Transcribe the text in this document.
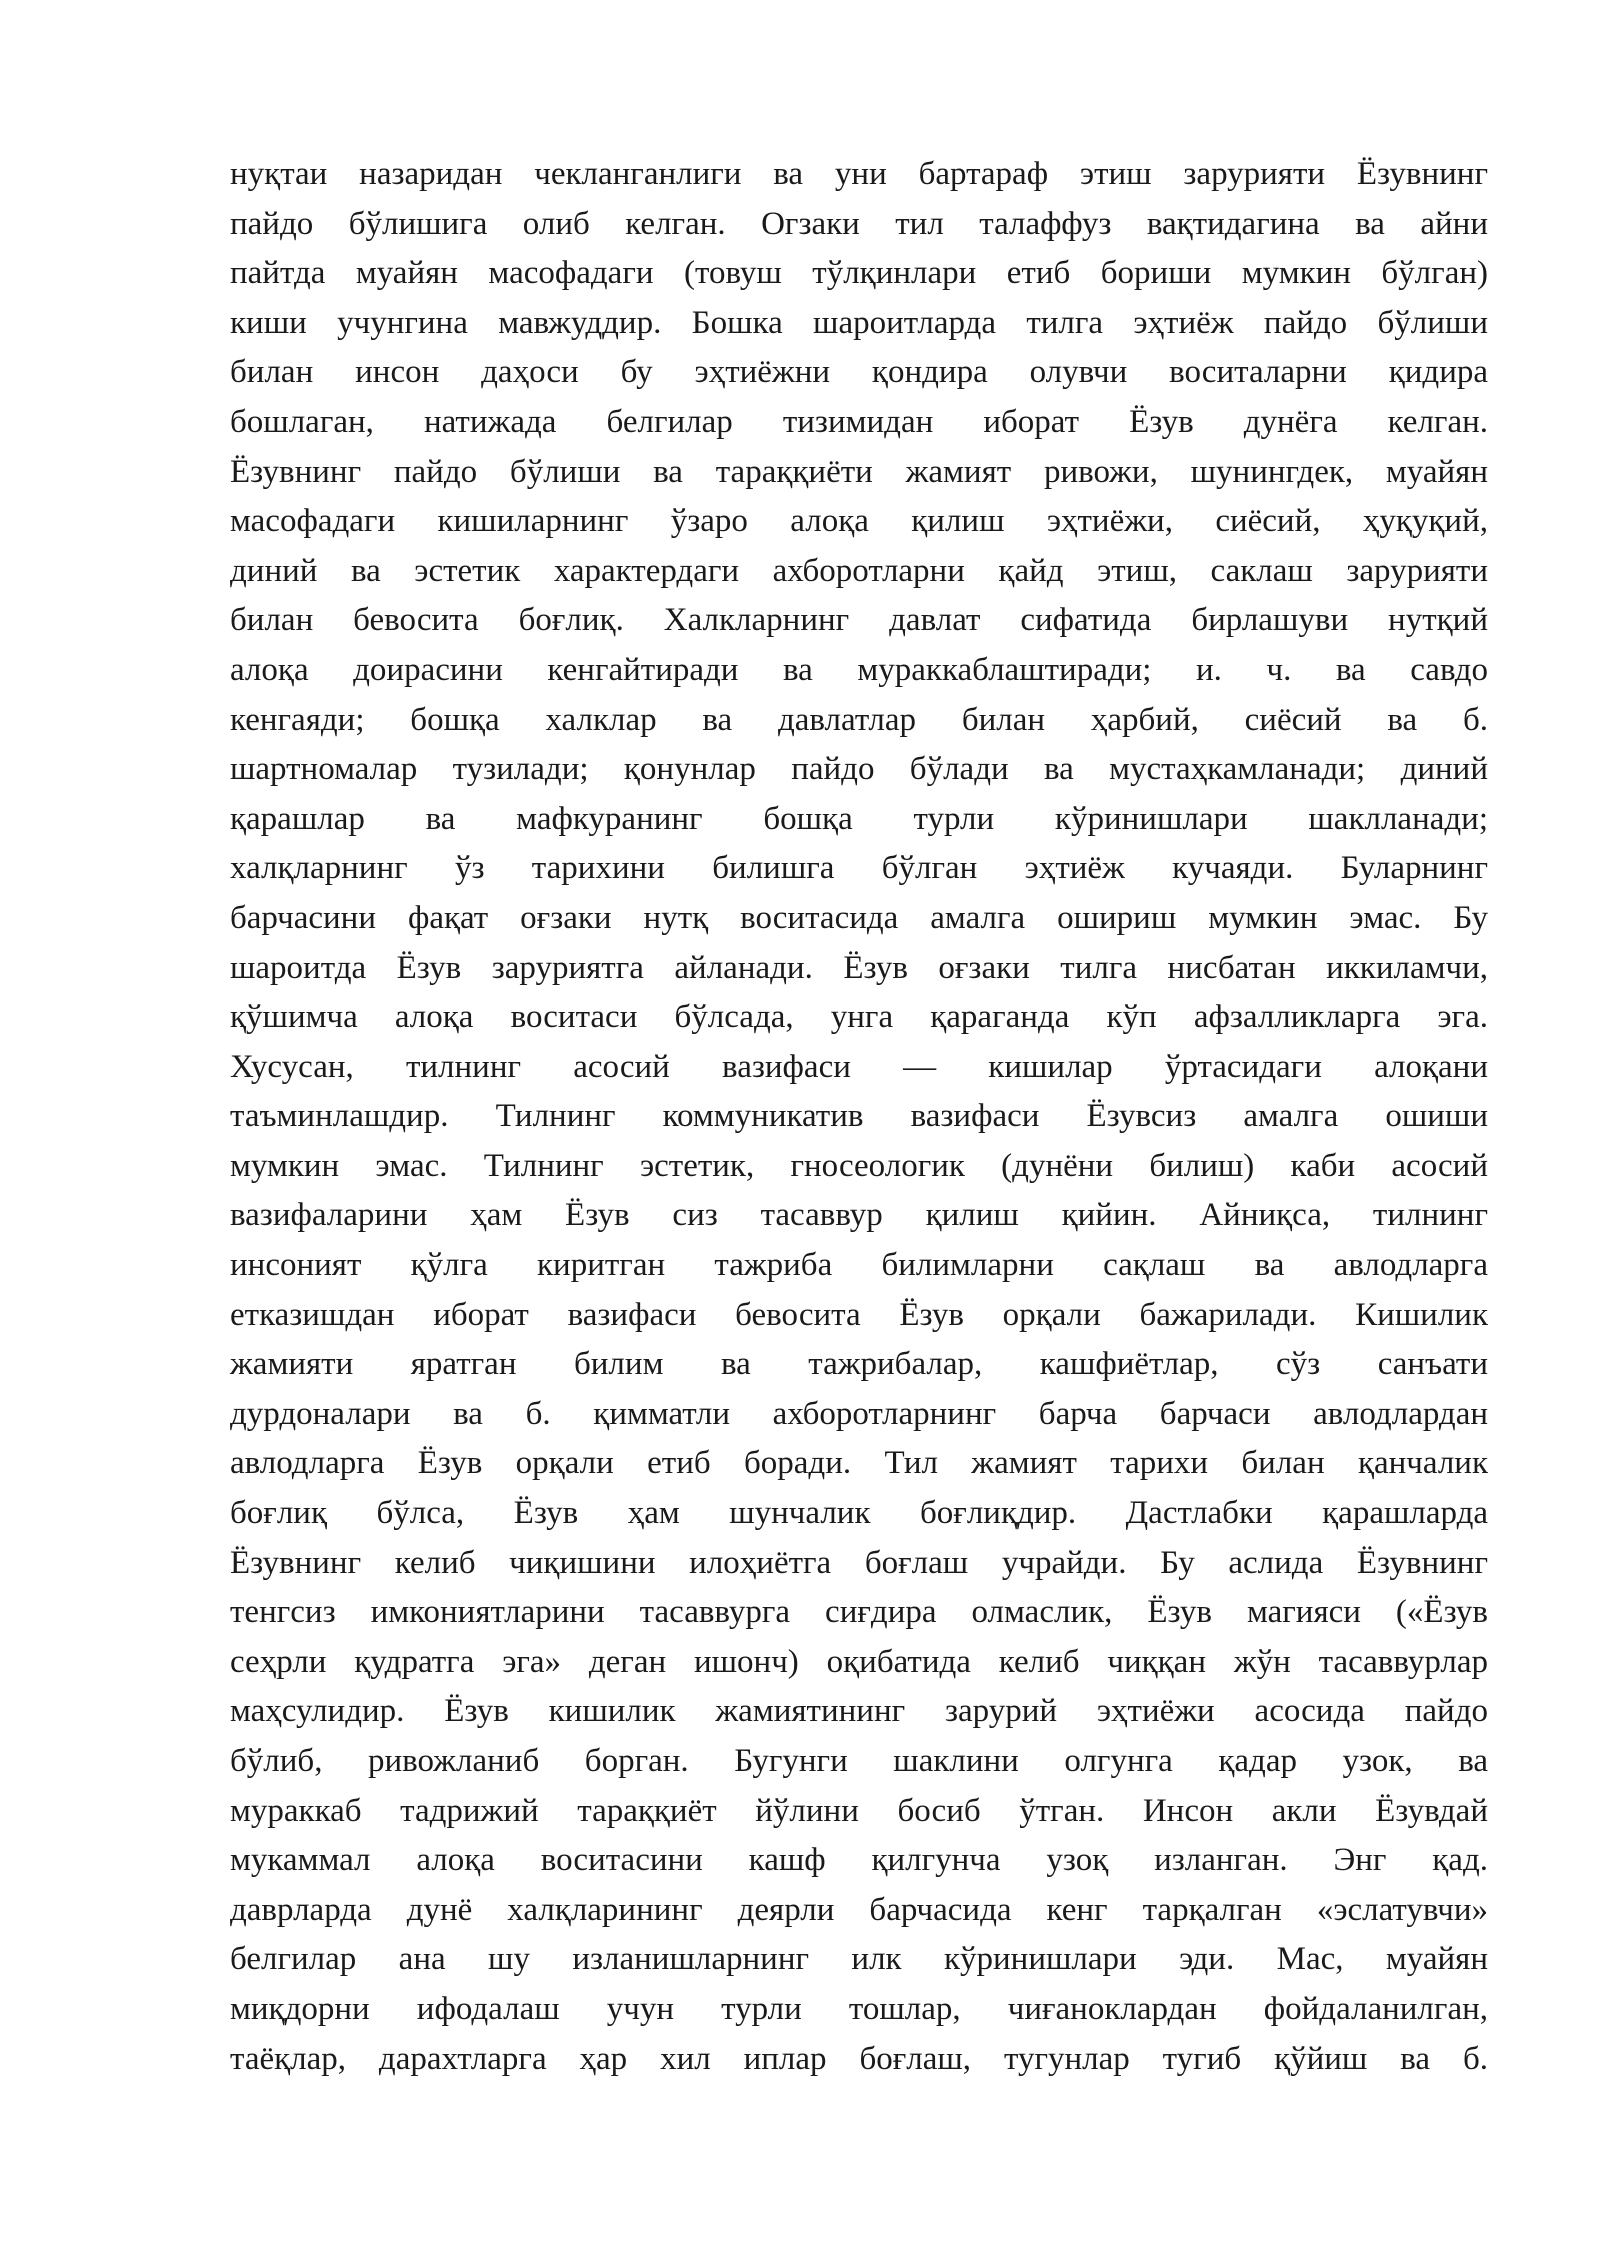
нуқтаи назаридан чекланганлиги ва уни бартараф этиш зарурияти Ёзувнинг
пайдо бўлишига олиб келган. Огзаки тил талаффуз вақтидагина ва айни
пайтда муайян масофадаги (товуш тўлқинлари етиб бориши мумкин бўлган)
киши учунгина мавжуддир. Бошка шароитларда тилга эҳтиёж пайдо бўлиши
билан инсон даҳоси бу эҳтиёжни қондира олувчи воситаларни қидира
бошлаган, натижада белгилар тизимидан иборат Ёзув дунёга келган.
Ёзувнинг пайдо бўлиши ва тараққиёти жамият ривожи, шунингдек, муайян
масофадаги кишиларнинг ўзаро алоқа қилиш эҳтиёжи, сиёсий, ҳуқуқий,
диний ва эстетик характердаги ахборотларни қайд этиш, саклаш зарурияти
билан бевосита боғлиқ. Халкларнинг давлат сифатида бирлашуви нутқий
алоқа доирасини кенгайтиради ва мураккаблаштиради; и. ч. ва савдо
кенгаяди; бошқа халклар ва давлатлар билан ҳарбий, сиёсий ва б.
шартномалар тузилади; қонунлар пайдо бўлади ва мустаҳкамланади; диний
қарашлар ва мафкуранинг бошқа турли кўринишлари шаклланади;
халқларнинг ўз тарихини билишга бўлган эҳтиёж кучаяди. Буларнинг
барчасини фақат оғзаки нутқ воситасида амалга ошириш мумкин эмас. Бу
шароитда Ёзув заруриятга айланади. Ёзув оғзаки тилга нисбатан иккиламчи,
қўшимча алоқа воситаси бўлсада, унга қараганда кўп афзалликларга эга.
Хусусан, тилнинг асосий вазифаси — кишилар ўртасидаги алоқани
таъминлашдир. Тилнинг коммуникатив вазифаси Ёзувсиз амалга ошиши
мумкин эмас. Тилнинг эстетик, гносеологик (дунёни билиш) каби асосий
вазифаларини ҳам Ёзув сиз тасаввур қилиш қийин. Айниқса, тилнинг
инсоният қўлга киритган тажриба билимларни сақлаш ва авлодларга
етказишдан иборат вазифаси бевосита Ёзув орқали бажарилади. Кишилик
жамияти яратган билим ва тажрибалар, кашфиётлар, сўз санъати
дурдоналари ва б. қимматли ахборотларнинг барча барчаси авлодлардан
авлодларга Ёзув орқали етиб боради. Тил жамият тарихи билан қанчалик
боғлиқ бўлса, Ёзув ҳам шунчалик боғлиқдир. Дастлабки қарашларда
Ёзувнинг келиб чиқишини илоҳиётга боғлаш учрайди. Бу аслида Ёзувнинг
тенгсиз имкониятларини тасаввурга сиғдира олмаслик, Ёзув магияси («Ёзув
сеҳрли қудратга эга» деган ишонч) оқибатида келиб чиққан жўн тасаввурлар
маҳсулидир. Ёзув кишилик жамиятининг зарурий эҳтиёжи асосида пайдо
бўлиб, ривожланиб борган. Бугунги шаклини олгунга қадар узок, ва
мураккаб тадрижий тараққиёт йўлини босиб ўтган. Инсон акли Ёзувдай
мукаммал алоқа воситасини кашф қилгунча узоқ изланган. Энг қад.
даврларда дунё халқларининг деярли барчасида кенг тарқалган «эслатувчи»
белгилар ана шу изланишларнинг илк кўринишлари эди. Мас, муайян
миқдорни ифодалаш учун турли тошлар, чиғаноклардан фойдаланилган,
таёқлар, дарахтларга ҳар хил иплар боғлаш, тугунлар тугиб қўйиш ва б.
